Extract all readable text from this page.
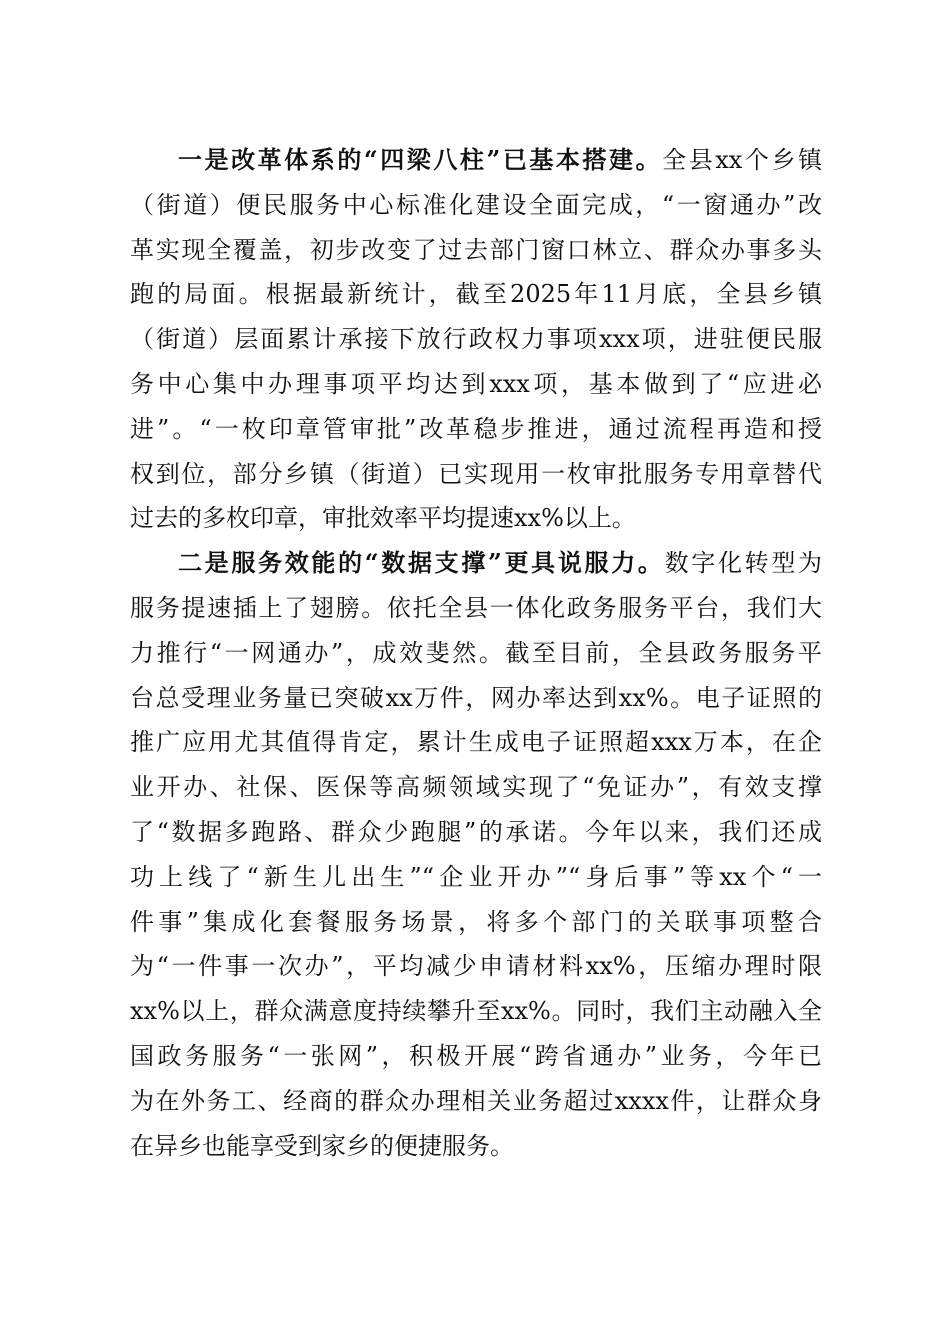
一是改革体系的“四梁八柱”已基本搭建。全县xx个乡镇
（街道）便民服务中心标准化建设全面完成，“一窗通办”改
革实现全覆盖，初步改变了过去部门窗口林立、群众办事多头
跑的局面。根据最新统计，截至2025年11月底，全县乡镇
（街道）层面累计承接下放行政权力事项xxx项，进驻便民服
务中心集中办理事项平均达到xxx项，基本做到了“应进必
进”。“一枚印章管审批”改革稳步推进，通过流程再造和授
权到位，部分乡镇（街道）已实现用一枚审批服务专用章替代
过去的多枚印章，审批效率平均提速xx%以上。
二是服务效能的“数据支撑”更具说服力。数字化转型为
服务提速插上了翅膀。依托全县一体化政务服务平台，我们大
力推行“一网通办”，成效斐然。截至目前，全县政务服务平
台总受理业务量已突破xx万件，网办率达到xx%。电子证照的
推广应用尤其值得肯定，累计生成电子证照超xxx万本，在企
业开办、社保、医保等高频领域实现了“免证办”，有效支撑
了“数据多跑路、群众少跑腿”的承诺。今年以来，我们还成
功上线了“新生儿出生”“企业开办”“身后事”等xx个“一
件事”集成化套餐服务场景，将多个部门的关联事项整合
为“一件事一次办”，平均减少申请材料xx%，压缩办理时限
xx%以上，群众满意度持续攀升至xx%。同时，我们主动融入全
国政务服务“一张网”，积极开展“跨省通办”业务，今年已
为在外务工、经商的群众办理相关业务超过xxxx件，让群众身
在异乡也能享受到家乡的便捷服务。
